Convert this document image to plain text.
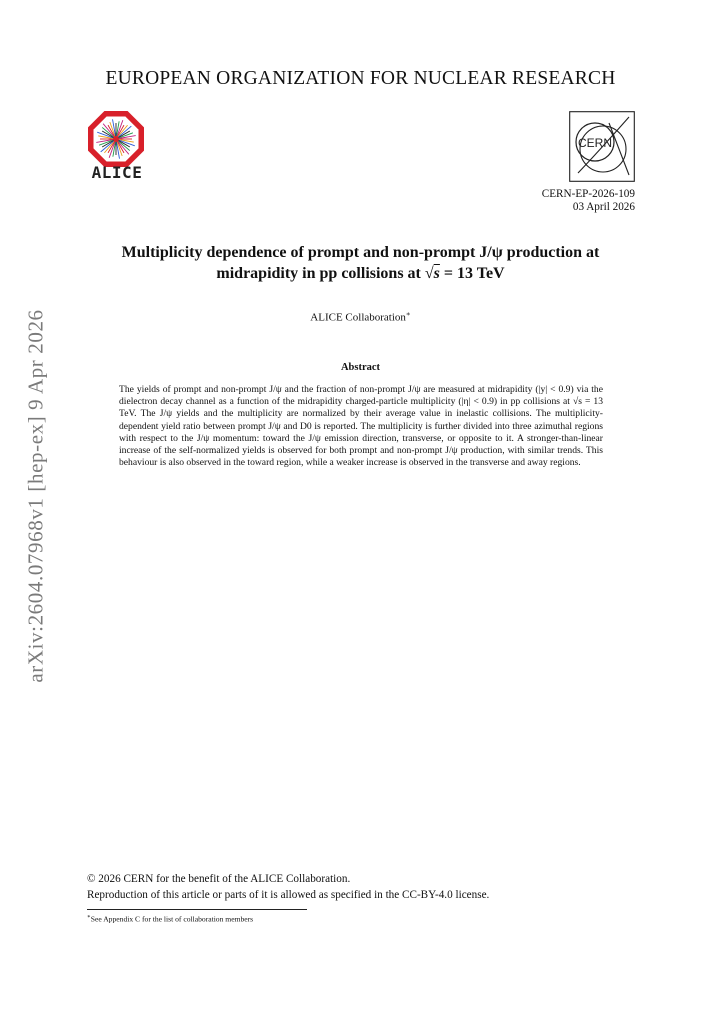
EUROPEAN ORGANIZATION FOR NUCLEAR RESEARCH
ALICE
CERN
CERN-EP-2026-109
03 April 2026
Multiplicity dependence of prompt and non-prompt J/ψ production at
midrapidity in pp collisions at √s = 13 TeV
ALICE Collaboration∗
Abstract
The yields of prompt and non-prompt J/ψ and the fraction of non-prompt J/ψ are measured at midrapidity (|y| < 0.9) via the dielectron decay channel as a function of the midrapidity charged-particle multiplicity (|η| < 0.9) in pp collisions at √s = 13 TeV. The J/ψ yields and the multiplicity are normalized by their average value in inelastic collisions. The multiplicity-dependent yield ratio between prompt J/ψ and D0 is reported. The multiplicity is further divided into three azimuthal regions with respect to the J/ψ momentum: toward the J/ψ emission direction, transverse, or opposite to it. A stronger-than-linear increase of the self-normalized yields is observed for both prompt and non-prompt J/ψ production, with similar trends. This behaviour is also observed in the toward region, while a weaker increase is observed in the transverse and away regions.
arXiv:2604.07968v1 [hep-ex] 9 Apr 2026
© 2026 CERN for the benefit of the ALICE Collaboration.
Reproduction of this article or parts of it is allowed as specified in the CC-BY-4.0 license.
∗See Appendix C for the list of collaboration members
